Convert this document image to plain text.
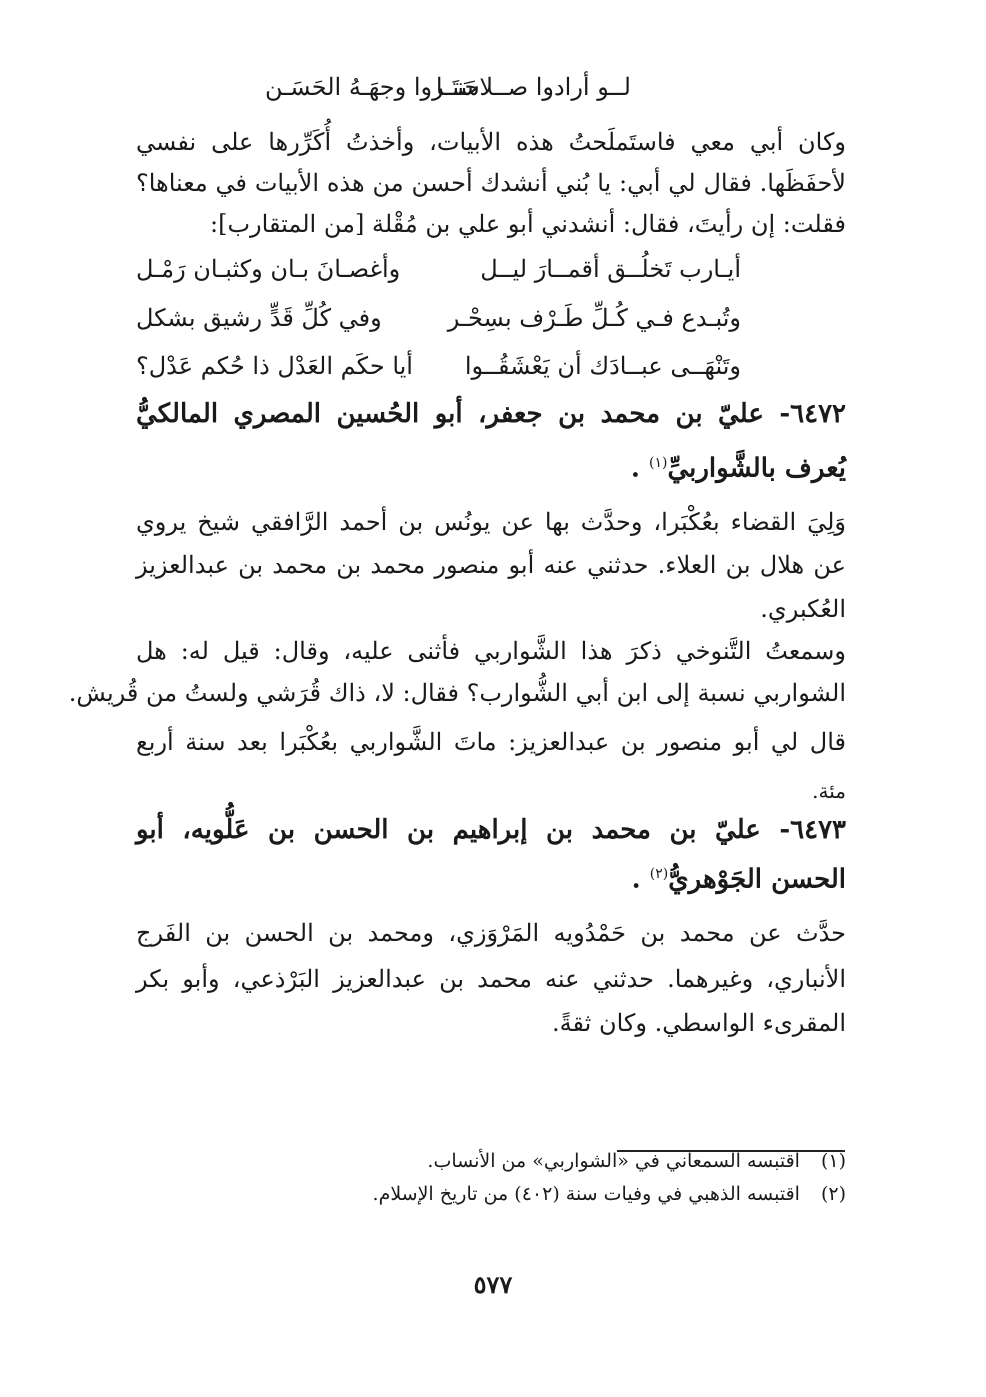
لــو أرادوا صــلاحَنــا
سَتَـروا وجهَـهُ الحَسَـن
وكان أبي معي فاستَملَحتُ هذه الأبيات، وأخذتُ أُكَرِّرها على نفسي
لأحفَظَها. فقال لي أبي: يا بُني أنشدك أحسن من هذه الأبيات في معناها؟
فقلت: إن رأيتَ، فقال: أنشدني أبو علي بن مُقْلة [من المتقارب]:
أيـارب تَخلُــق أقمــارَ ليــل
وأغصـانَ بـان وكثبـان رَمْـل
وتُبـدع فـي كُـلِّ طَـرْف بسِحْـر
وفي كُلِّ قَدٍّ رشيق بشكل
وتَنْهَــى عبــادَك أن يَعْشَقُــوا
أيا حكَم العَدْل ذا حُكم عَدْل؟
٦٤٧٢- عليّ بن محمد بن جعفر، أبو الحُسين المصري المالكيُّ
يُعرف بالشَّواربيِّ$^{(١)}$ .
وَلِيَ القضاء بعُكْبَرا، وحدَّث بها عن يونُس بن أحمد الرَّافقي شيخ يروي
عن هلال بن العلاء. حدثني عنه أبو منصور محمد بن محمد بن عبدالعزيز
العُكبري.
وسمعتُ التَّنوخي ذكرَ هذا الشَّواربي فأثنى عليه، وقال: قيل له: هل
الشواربي نسبة إلى ابن أبي الشُّوارب؟ فقال: لا، ذاك قُرَشي ولستُ من قُريش.
قال لي أبو منصور بن عبدالعزيز: ماتَ الشَّواربي بعُكْبَرا بعد سنة أربع
مئة.
٦٤٧٣- عليّ بن محمد بن إبراهيم بن الحسن بن عَلُّويه، أبو
الحسن الجَوْهريُّ$^{(٢)}$ .
حدَّث عن محمد بن حَمْدُويه المَرْوَزي، ومحمد بن الحسن بن الفَرج
الأنباري، وغيرهما. حدثني عنه محمد بن عبدالعزيز البَرْذعي، وأبو بكر
المقرىء الواسطي. وكان ثقةً.
(١) اقتبسه السمعاني في «الشواربي» من الأنساب.
(٢) اقتبسه الذهبي في وفيات سنة (٤٠٢) من تاريخ الإسلام.
٥٧٧
